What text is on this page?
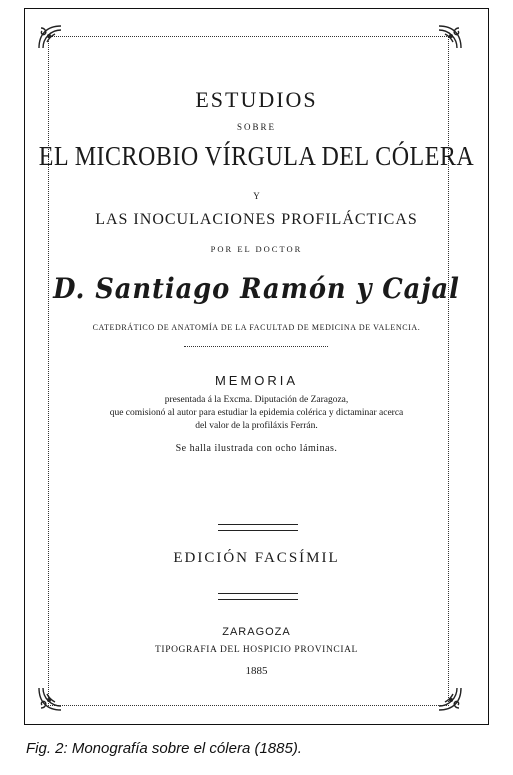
ESTUDIOS
SOBRE
EL MICROBIO VÍRGULA DEL CÓLERA
Y
LAS INOCULACIONES PROFILÁCTICAS
POR EL DOCTOR
D. Santiago Ramón y Cajal
CATEDRÁTICO DE ANATOMÍA DE LA FACULTAD DE MEDICINA DE VALENCIA.
MEMORIA
presentada á la Excma. Diputación de Zaragoza,
que comisionó al autor para estudiar la epidemia colérica y dictaminar acerca
del valor de la profiláxis Ferrán.
Se halla ilustrada con ocho láminas.
EDICIÓN FACSÍMIL
ZARAGOZA
TIPOGRAFIA DEL HOSPICIO PROVINCIAL
1885
Fig. 2: Monografía sobre el cólera (1885).
